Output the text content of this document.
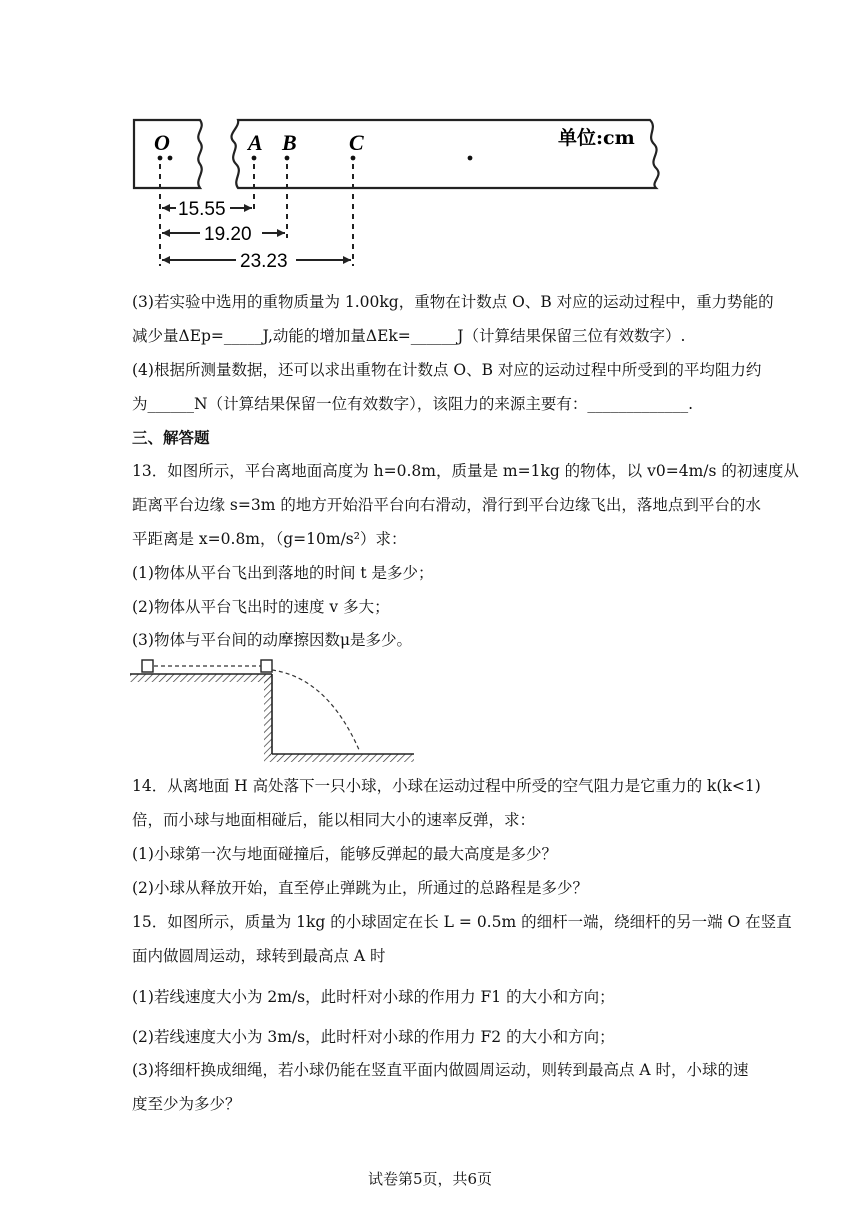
O	A B C	单位:cm
15.55
19.20
23.23
(3)若实验中选用的重物质量为 1.00kg，重物在计数点 O、B 对应的运动过程中，重力势能的
减少量ΔEp=_____J,动能的增加量ΔEk=______J（计算结果保留三位有效数字）.
(4)根据所测量数据，还可以求出重物在计数点 O、B 对应的运动过程中所受到的平均阻力约
为______N（计算结果保留一位有效数字），该阻力的来源主要有：_____________.
三、解答题
13．如图所示，平台离地面高度为 h=0.8m，质量是 m=1kg 的物体，以 v0=4m/s 的初速度从
距离平台边缘 s=3m 的地方开始沿平台向右滑动，滑行到平台边缘飞出，落地点到平台的水
平距离是 x=0.8m，（g=10m/s²）求：
(1)物体从平台飞出到落地的时间 t 是多少；
(2)物体从平台飞出时的速度 v 多大；
(3)物体与平台间的动摩擦因数μ是多少。
14．从离地面 H 高处落下一只小球，小球在运动过程中所受的空气阻力是它重力的 k(k<1)
倍，而小球与地面相碰后，能以相同大小的速率反弹，求：
(1)小球第一次与地面碰撞后，能够反弹起的最大高度是多少？
(2)小球从释放开始，直至停止弹跳为止，所通过的总路程是多少？
15．如图所示，质量为 1kg 的小球固定在长 L = 0.5m 的细杆一端，绕细杆的另一端 O 在竖直
面内做圆周运动，球转到最高点 A 时
(1)若线速度大小为 2m/s，此时杆对小球的作用力 F1 的大小和方向；
(2)若线速度大小为 3m/s，此时杆对小球的作用力 F2 的大小和方向；
(3)将细杆换成细绳，若小球仍能在竖直平面内做圆周运动，则转到最高点 A 时，小球的速
度至少为多少？
试卷第5页，共6页
